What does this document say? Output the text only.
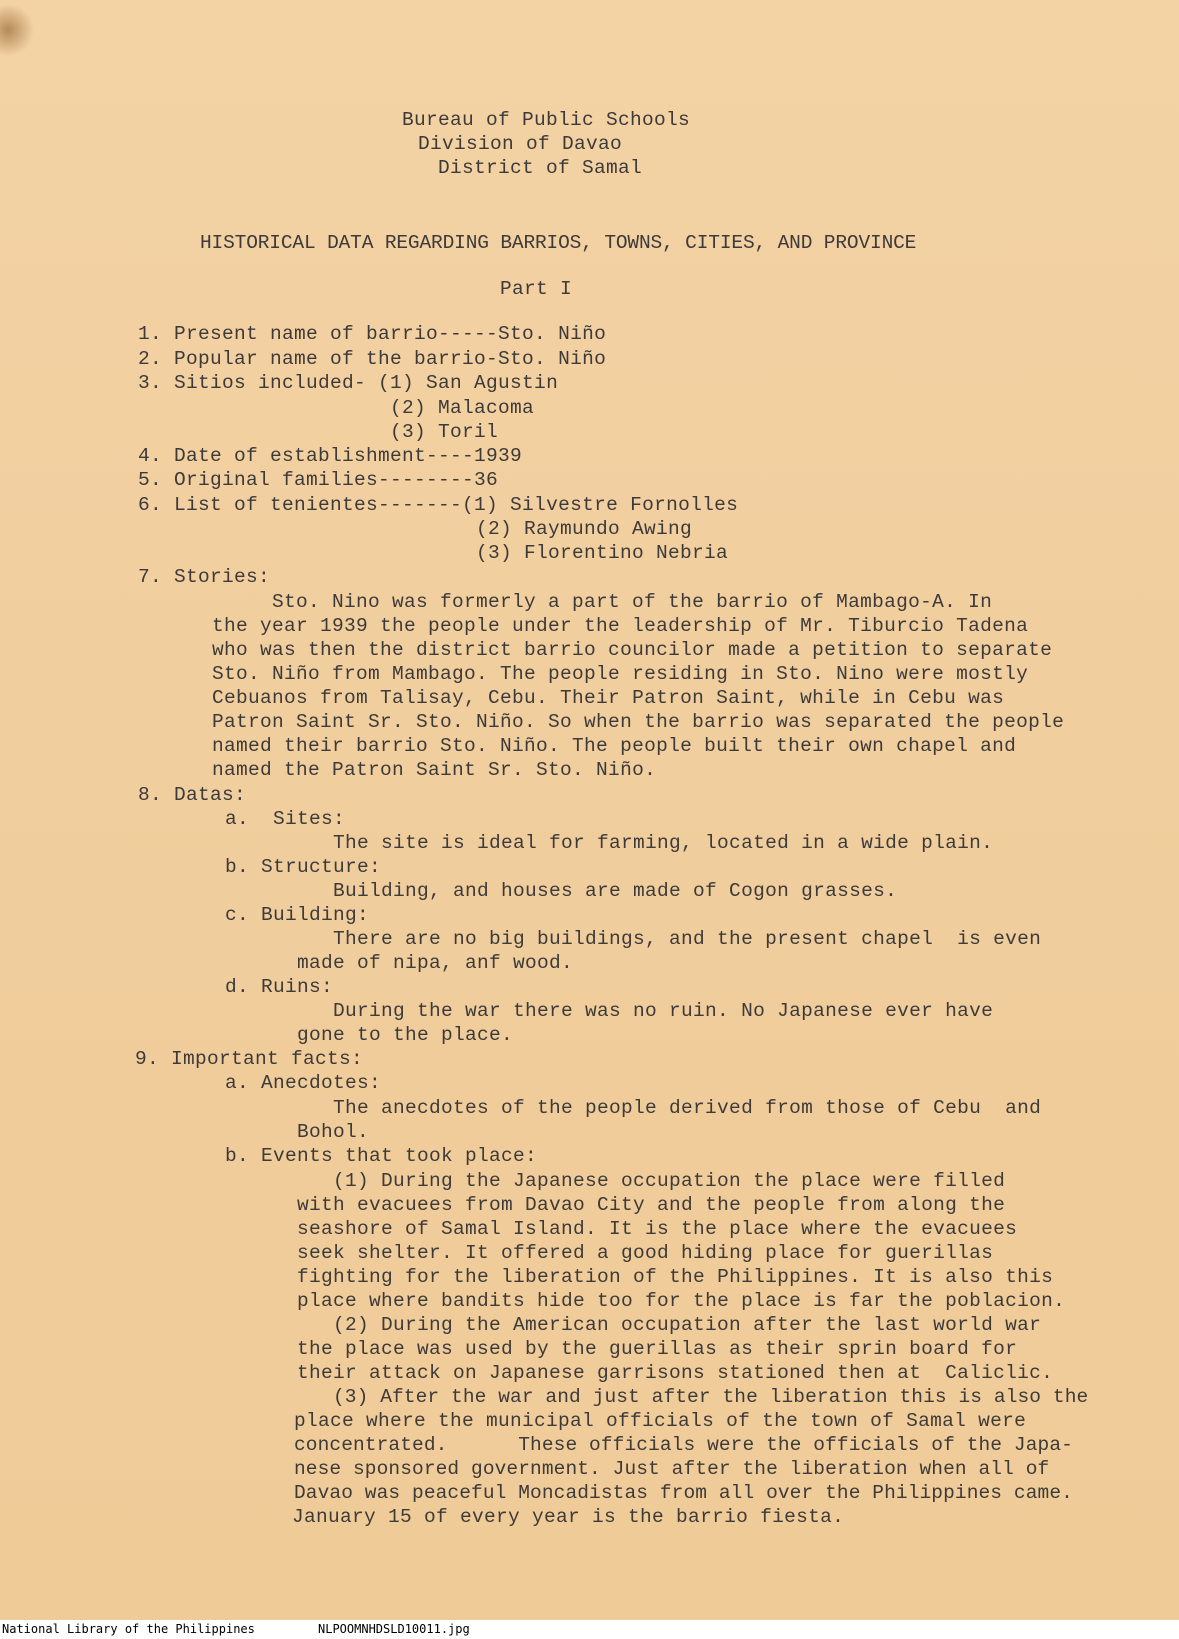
Bureau of Public Schools
Division of Davao
District of Samal
HISTORICAL DATA REGARDING BARRIOS, TOWNS, CITIES, AND PROVINCE
Part I
1. Present name of barrio-----Sto. Niño
2. Popular name of the barrio-Sto. Niño
3. Sitios included- (1) San Agustin
(2) Malacoma
(3) Toril
4. Date of establishment----1939
5. Original families--------36
6. List of tenientes-------(1) Silvestre Fornolles
(2) Raymundo Awing
(3) Florentino Nebria
7. Stories:
Sto. Nino was formerly a part of the barrio of Mambago-A. In
the year 1939 the people under the leadership of Mr. Tiburcio Tadena
who was then the district barrio councilor made a petition to separate
Sto. Niño from Mambago. The people residing in Sto. Nino were mostly
Cebuanos from Talisay, Cebu. Their Patron Saint, while in Cebu was
Patron Saint Sr. Sto. Niño. So when the barrio was separated the people
named their barrio Sto. Niño. The people built their own chapel and
named the Patron Saint Sr. Sto. Niño.
8. Datas:
a.  Sites:
The site is ideal for farming, located in a wide plain.
b. Structure:
Building, and houses are made of Cogon grasses.
c. Building:
There are no big buildings, and the present chapel  is even
made of nipa, anf wood.
d. Ruins:
During the war there was no ruin. No Japanese ever have
gone to the place.
9. Important facts:
a. Anecdotes:
The anecdotes of the people derived from those of Cebu  and
Bohol.
b. Events that took place:
(1) During the Japanese occupation the place were filled
with evacuees from Davao City and the people from along the
seashore of Samal Island. It is the place where the evacuees
seek shelter. It offered a good hiding place for guerillas
fighting for the liberation of the Philippines. It is also this
place where bandits hide too for the place is far the poblacion.
(2) During the American occupation after the last world war
the place was used by the guerillas as their sprin board for
their attack on Japanese garrisons stationed then at  Caliclic.
(3) After the war and just after the liberation this is also the
place where the municipal officials of the town of Samal were
concentrated.      These officials were the officials of the Japa-
nese sponsored government. Just after the liberation when all of
Davao was peaceful Moncadistas from all over the Philippines came.
January 15 of every year is the barrio fiesta.
National Library of the Philippines	NLPOOMNHDSLD10011.jpg
